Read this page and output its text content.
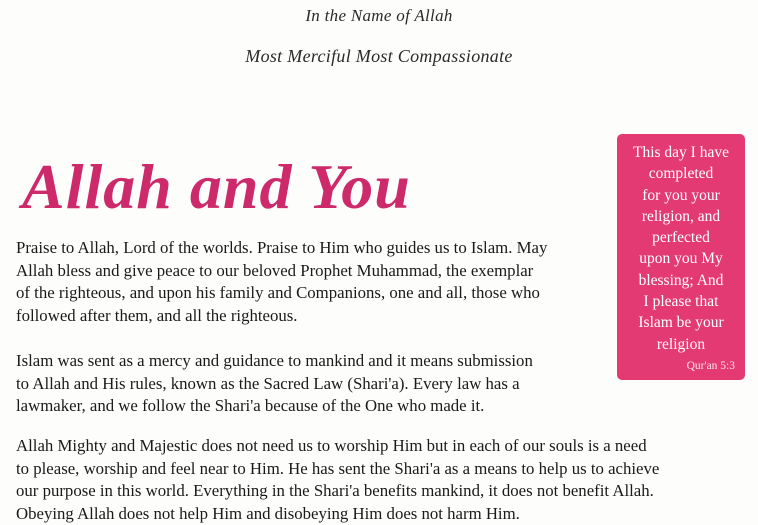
In the Name of Allah
Most Merciful Most Compassionate
Allah and You	This day I have
completed
for you your
religion, and
perfected
upon you My
blessing; And
I please that
Islam be your
religion
Qur'an 5:3

Praise to Allah, Lord of the worlds. Praise to Him who guides us to Islam. May
Allah bless and give peace to our beloved Prophet Muhammad, the exemplar
of the righteous, and upon his family and Companions, one and all, those who
followed after them, and all the righteous.

Islam was sent as a mercy and guidance to mankind and it means submission
to Allah and His rules, known as the Sacred Law (Shari'a). Every law has a
lawmaker, and we follow the Shari'a because of the One who made it.

Allah Mighty and Majestic does not need us to worship Him but in each of our souls is a need
to please, worship and feel near to Him. He has sent the Shari'a as a means to help us to achieve
our purpose in this world. Everything in the Shari'a benefits mankind, it does not benefit Allah.
Obeying Allah does not help Him and disobeying Him does not harm Him.
